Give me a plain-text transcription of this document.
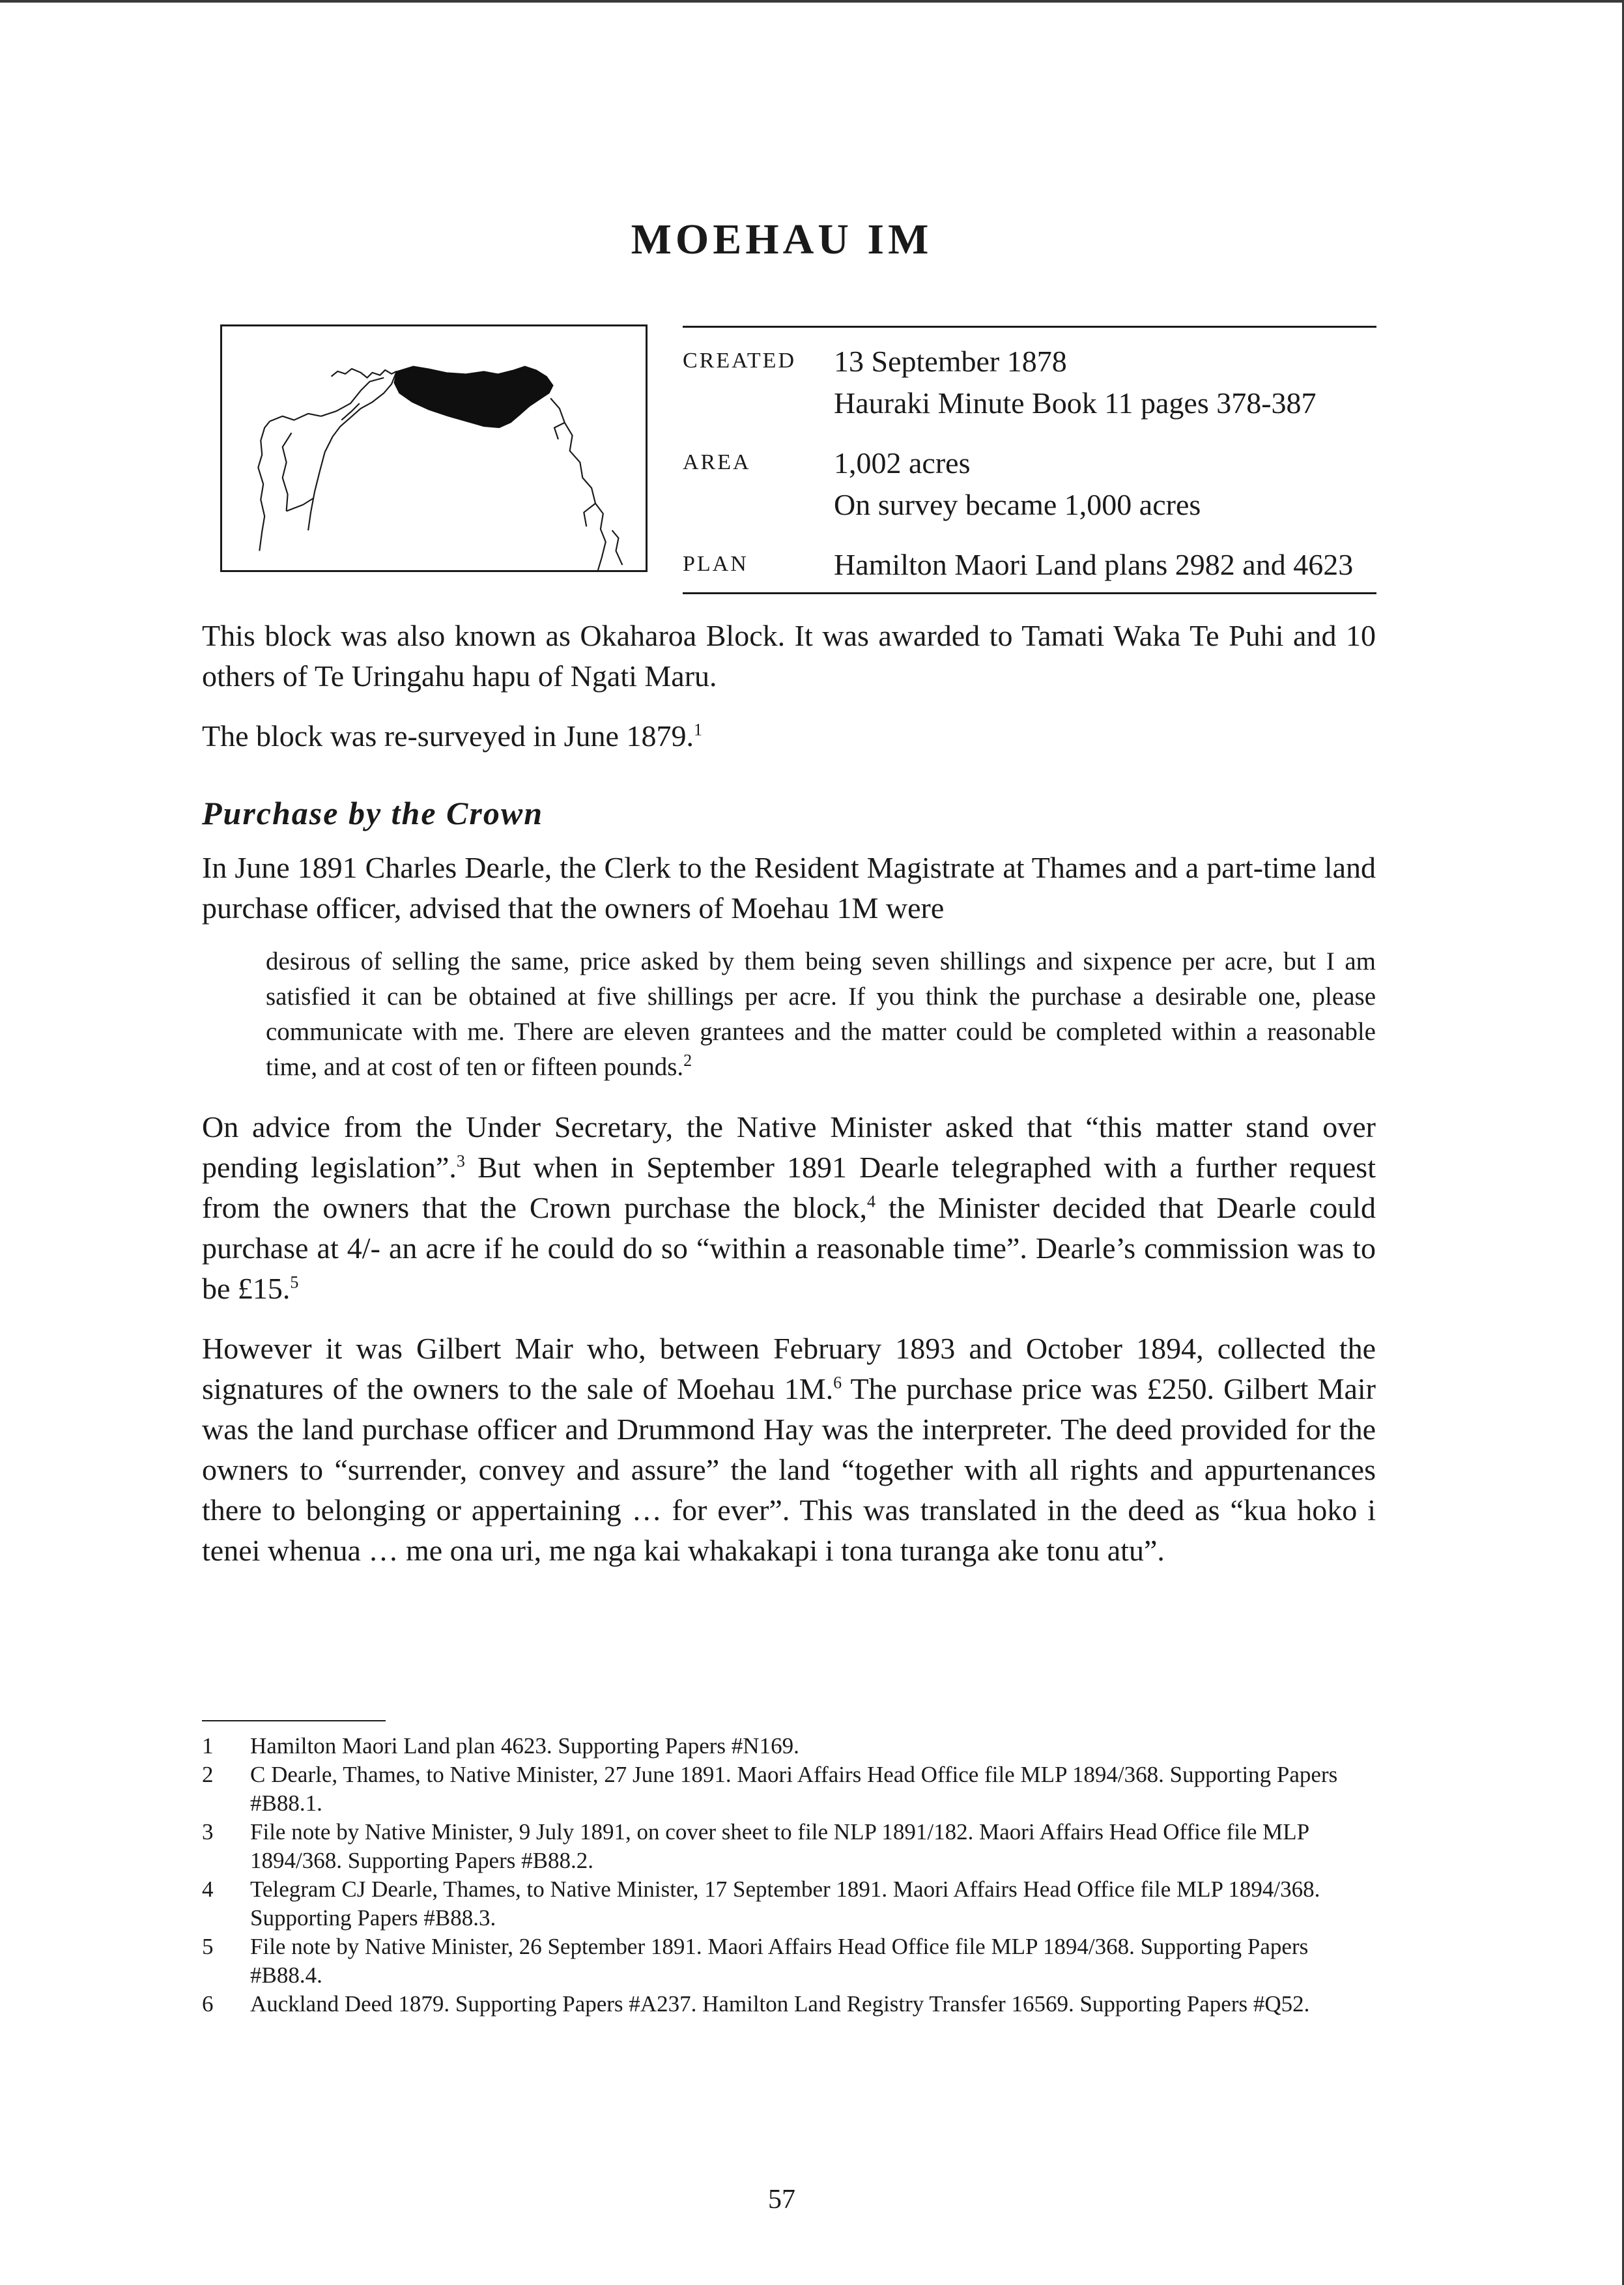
MOEHAU IM
CREATED	13 September 1878
Hauraki Minute Book 11 pages 378-387
AREA	1,002 acres
On survey became 1,000 acres
PLAN	Hamilton Maori Land plans 2982 and 4623

This block was also known as Okaharoa Block. It was awarded to Tamati Waka Te Puhi and 10 others of Te Uringahu hapu of Ngati Maru.

The block was re-surveyed in June 1879.$^1$

Purchase by the Crown

In June 1891 Charles Dearle, the Clerk to the Resident Magistrate at Thames and a part-time land purchase officer, advised that the owners of Moehau 1M were

desirous of selling the same, price asked by them being seven shillings and sixpence per acre, but I am satisfied it can be obtained at five shillings per acre. If you think the purchase a desirable one, please communicate with me. There are eleven grantees and the matter could be completed within a reasonable time, and at cost of ten or fifteen pounds.$^2$

On advice from the Under Secretary, the Native Minister asked that “this matter stand over pending legislation”.$^3$ But when in September 1891 Dearle telegraphed with a further request from the owners that the Crown purchase the block,$^4$ the Minister decided that Dearle could purchase at 4/- an acre if he could do so “within a reasonable time”. Dearle’s commission was to be £15.$^5$

However it was Gilbert Mair who, between February 1893 and October 1894, collected the signatures of the owners to the sale of Moehau 1M.$^6$ The purchase price was £250. Gilbert Mair was the land purchase officer and Drummond Hay was the interpreter. The deed provided for the owners to “surrender, convey and assure” the land “together with all rights and appurtenances there to belonging or appertaining … for ever”. This was translated in the deed as “kua hoko i tenei whenua … me ona uri, me nga kai whakakapi i tona turanga ake tonu atu”.

1	Hamilton Maori Land plan 4623. Supporting Papers #N169.
2	C Dearle, Thames, to Native Minister, 27 June 1891. Maori Affairs Head Office file MLP 1894/368. Supporting Papers #B88.1.
3	File note by Native Minister, 9 July 1891, on cover sheet to file NLP 1891/182. Maori Affairs Head Office file MLP 1894/368. Supporting Papers #B88.2.
4	Telegram CJ Dearle, Thames, to Native Minister, 17 September 1891. Maori Affairs Head Office file MLP 1894/368. Supporting Papers #B88.3.
5	File note by Native Minister, 26 September 1891. Maori Affairs Head Office file MLP 1894/368. Supporting Papers #B88.4.
6	Auckland Deed 1879. Supporting Papers #A237. Hamilton Land Registry Transfer 16569. Supporting Papers #Q52.
57
